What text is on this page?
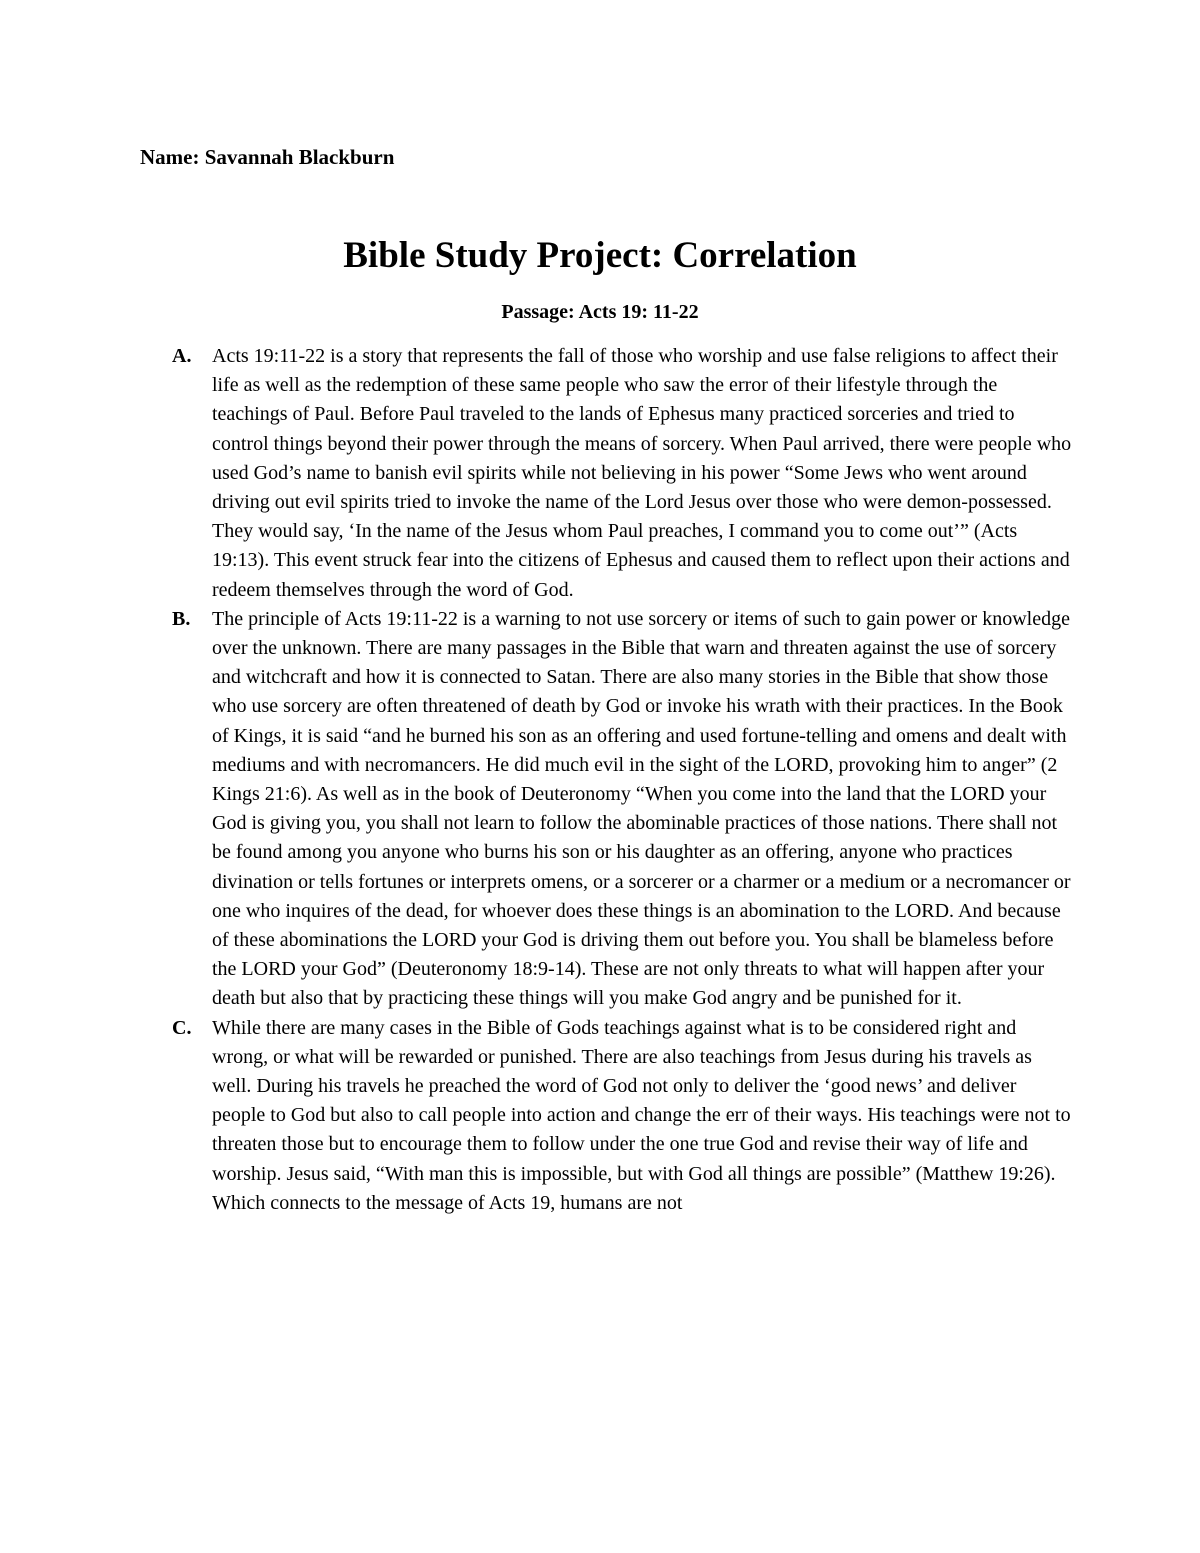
Name: Savannah Blackburn
Bible Study Project: Correlation
Passage: Acts 19: 11-22
A. Acts 19:11-22 is a story that represents the fall of those who worship and use false religions to affect their life as well as the redemption of these same people who saw the error of their lifestyle through the teachings of Paul. Before Paul traveled to the lands of Ephesus many practiced sorceries and tried to control things beyond their power through the means of sorcery. When Paul arrived, there were people who used God’s name to banish evil spirits while not believing in his power “Some Jews who went around driving out evil spirits tried to invoke the name of the Lord Jesus over those who were demon-possessed. They would say, ‘In the name of the Jesus whom Paul preaches, I command you to come out’” (Acts 19:13). This event struck fear into the citizens of Ephesus and caused them to reflect upon their actions and redeem themselves through the word of God.
B. The principle of Acts 19:11-22 is a warning to not use sorcery or items of such to gain power or knowledge over the unknown. There are many passages in the Bible that warn and threaten against the use of sorcery and witchcraft and how it is connected to Satan. There are also many stories in the Bible that show those who use sorcery are often threatened of death by God or invoke his wrath with their practices. In the Book of Kings, it is said “and he burned his son as an offering and used fortune-telling and omens and dealt with mediums and with necromancers. He did much evil in the sight of the LORD, provoking him to anger” (2 Kings 21:6). As well as in the book of Deuteronomy “When you come into the land that the LORD your God is giving you, you shall not learn to follow the abominable practices of those nations. There shall not be found among you anyone who burns his son or his daughter as an offering, anyone who practices divination or tells fortunes or interprets omens, or a sorcerer or a charmer or a medium or a necromancer or one who inquires of the dead, for whoever does these things is an abomination to the LORD. And because of these abominations the LORD your God is driving them out before you. You shall be blameless before the LORD your God” (Deuteronomy 18:9-14). These are not only threats to what will happen after your death but also that by practicing these things will you make God angry and be punished for it.
C. While there are many cases in the Bible of Gods teachings against what is to be considered right and wrong, or what will be rewarded or punished. There are also teachings from Jesus during his travels as well. During his travels he preached the word of God not only to deliver the ‘good news’ and deliver people to God but also to call people into action and change the err of their ways. His teachings were not to threaten those but to encourage them to follow under the one true God and revise their way of life and worship. Jesus said, “With man this is impossible, but with God all things are possible” (Matthew 19:26). Which connects to the message of Acts 19, humans are not
